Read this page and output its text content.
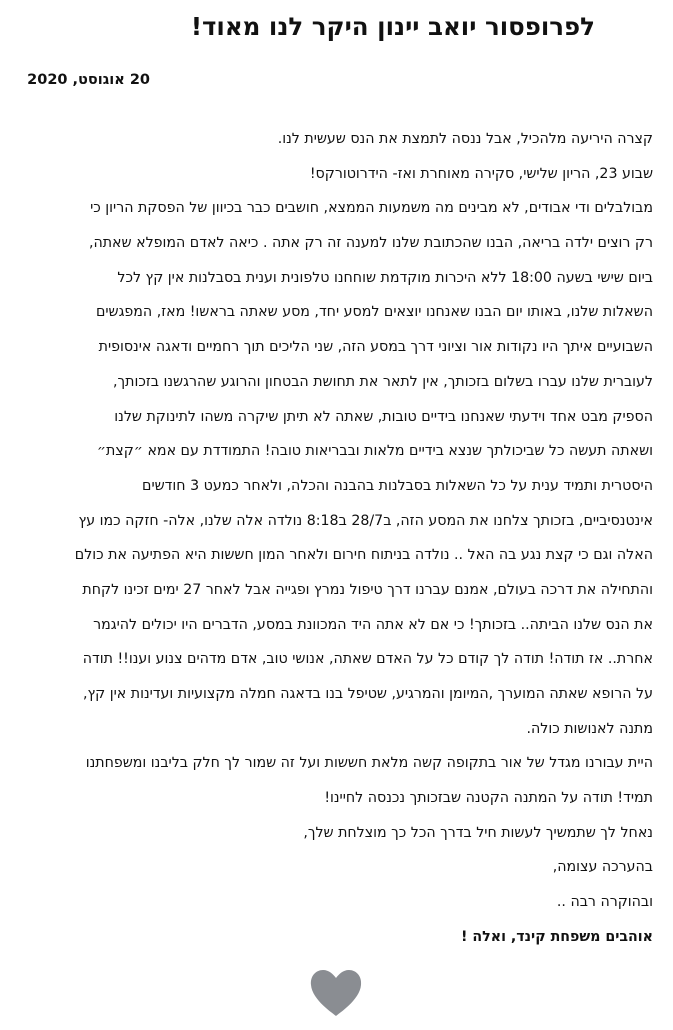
לפרופסור יואב יינון היקר לנו מאוד!

20 אוגוסט, 2020

קצרה היריעה מלהכיל, אבל ננסה לתמצת את הנס שעשית לנו.
שבוע 23, הריון שלישי, סקירה מאוחרת ואז- הידרוטורקס!
מבולבלים ודי אבודים, לא מבינים מה משמעות הממצא, חושבים כבר בכיוון של הפסקת הריון כי
רק רוצים ילדה בריאה, הבנו שהכתובת שלנו למענה זה רק אתה . כיאה לאדם המופלא שאתה,
ביום שישי בשעה 18:00 ללא היכרות מוקדמת שוחחנו טלפונית וענית בסבלנות אין קץ לכל
השאלות שלנו, באותו יום הבנו שאנחנו יוצאים למסע יחד, מסע שאתה בראשו! מאז, המפגשים
השבועיים איתך היו נקודות אור וציוני דרך במסע הזה, שני הליכים תוך רחמיים ודאגה אינסופית
לעוברית שלנו עברו בשלום בזכותך, אין לתאר את תחושת הבטחון והרוגע שהרגשנו בזכותך,
הספיק מבט אחד וידעתי שאנחנו בידיים טובות, שאתה לא תיתן שיקרה משהו לתינוקת שלנו
ושאתה תעשה כל שביכולתך שנצא בידיים מלאות ובבריאות טובה! התמודדת עם אמא ״קצת״
היסטרית ותמיד ענית על כל השאלות בסבלנות בהבנה והכלה, ולאחר כמעט 3 חודשים
אינטנסיביים, בזכותך צלחנו את המסע הזה, ב28/7 ב8:18 נולדה אלה שלנו, אלה- חזקה כמו עץ
האלה וגם כי קצת נגע בה האל .. נולדה בניתוח חירום ולאחר המון חששות היא הפתיעה את כולם
והתחילה את דרכה בעולם, אמנם עברנו דרך טיפול נמרץ ופגייה אבל לאחר 27 ימים זכינו לקחת
את הנס שלנו הביתה.. בזכותך! כי אם לא אתה היד המכוונת במסע, הדברים היו יכולים להיגמר
אחרת.. אז תודה! תודה לך קודם כל על האדם שאתה, אנושי טוב, אדם מדהים צנוע וענו!! תודה
על הרופא שאתה המוערך ,המיומן והמרגיע, שטיפל בנו בדאגה חמלה מקצועיות ועדינות אין קץ,
מתנה לאנושות כולה.
היית עבורנו מגדל של אור בתקופה קשה מלאת חששות ועל זה שמור לך חלק בליבנו ומשפחתנו
תמיד! תודה על המתנה הקטנה שבזכותך נכנסה לחיינו!
נאחל לך שתמשיך לעשות חיל בדרך הכל כך מוצלחת שלך,
בהערכה עצומה,
ובהוקרה רבה ..
אוהבים משפחת קינד, ואלה !
